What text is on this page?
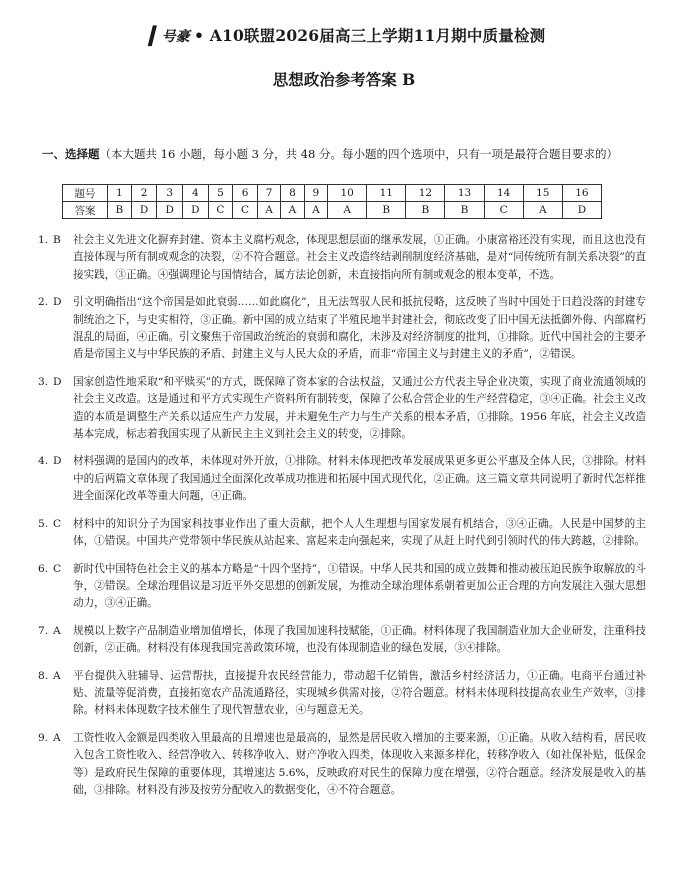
❙ 号豪 • A10联盟2026届高三上学期11月期中质量检测
思想政治参考答案 B
一、选择题（本大题共 16 小题，每小题 3 分，共 48 分。每小题的四个选项中，只有一项是最符合题目要求的）
题号	1	2	3	4	5	6	7	8	9	10	11	12	13	14	15	16
答案	B	D	D	D	C	C	A	A	A	A	B	B	B	C	A	D
1. B	社会主义先进文化摒弃封建、资本主义腐朽观念，体现思想层面的继承发展，①正确。小康富裕还没有实现，而且这也没有直接体现与所有制或观念的决裂，②不符合题意。社会主义改造终结剥削制度经济基础，是对“同传统所有制关系决裂”的直接实践，③正确。④强调理论与国情结合，属方法论创新，未直接指向所有制或观念的根本变革，不选。
2. D	引文明确指出“这个帝国是如此衰弱……如此腐化”，且无法驾驭人民和抵抗侵略，这反映了当时中国处于日趋没落的封建专制统治之下，与史实相符，③正确。新中国的成立结束了半殖民地半封建社会，彻底改变了旧中国无法抵御外侮、内部腐朽混乱的局面，④正确。引文聚焦于帝国政治统治的衰弱和腐化，未涉及对经济制度的批判，①排除。近代中国社会的主要矛盾是帝国主义与中华民族的矛盾、封建主义与人民大众的矛盾，而非“帝国主义与封建主义的矛盾”，②错误。
3. D	国家创造性地采取“和平赎买”的方式，既保障了资本家的合法权益，又通过公方代表主导企业决策，实现了商业流通领域的社会主义改造。这是通过和平方式实现生产资料所有制转变，保障了公私合营企业的生产经营稳定，③④正确。社会主义改造的本质是调整生产关系以适应生产力发展，并未避免生产力与生产关系的根本矛盾，①排除。1956 年底，社会主义改造基本完成，标志着我国实现了从新民主主义到社会主义的转变，②排除。
4. D	材料强调的是国内的改革，未体现对外开放，①排除。材料未体现把改革发展成果更多更公平惠及全体人民，③排除。材料中的后两篇文章体现了我国通过全面深化改革成功推进和拓展中国式现代化，②正确。这三篇文章共同说明了新时代怎样推进全面深化改革等重大问题，④正确。
5. C	材料中的知识分子为国家科技事业作出了重大贡献，把个人人生理想与国家发展有机结合，③④正确。人民是中国梦的主体，①错误。中国共产党带领中华民族从站起来、富起来走向强起来，实现了从赶上时代到引领时代的伟大跨越，②排除。
6. C	新时代中国特色社会主义的基本方略是“十四个坚持”，①错误。中华人民共和国的成立鼓舞和推动被压迫民族争取解放的斗争，②错误。全球治理倡议是习近平外交思想的创新发展，为推动全球治理体系朝着更加公正合理的方向发展注入强大思想动力，③④正确。
7. A	规模以上数字产品制造业增加值增长，体现了我国加速科技赋能，①正确。材料体现了我国制造业加大企业研发，注重科技创新，②正确。材料没有体现我国完善政策环境，也没有体现制造业的绿色发展，③④排除。
8. A	平台提供入驻辅导、运营帮扶，直接提升农民经营能力，带动超千亿销售，激活乡村经济活力，①正确。电商平台通过补贴、流量等促消费，直接拓宽农产品流通路径，实现城乡供需对接，②符合题意。材料未体现科技提高农业生产效率，③排除。材料未体现数字技术催生了现代智慧农业，④与题意无关。
9. A	工资性收入金额是四类收入里最高的且增速也是最高的，显然是居民收入增加的主要来源，①正确。从收入结构看，居民收入包含工资性收入、经营净收入、转移净收入、财产净收入四类，体现收入来源多样化，转移净收入（如社保补贴，低保金等）是政府民生保障的重要体现，其增速达 5.6%，反映政府对民生的保障力度在增强，②符合题意。经济发展是收入的基础，③排除。材料没有涉及按劳分配收入的数据变化，④不符合题意。
